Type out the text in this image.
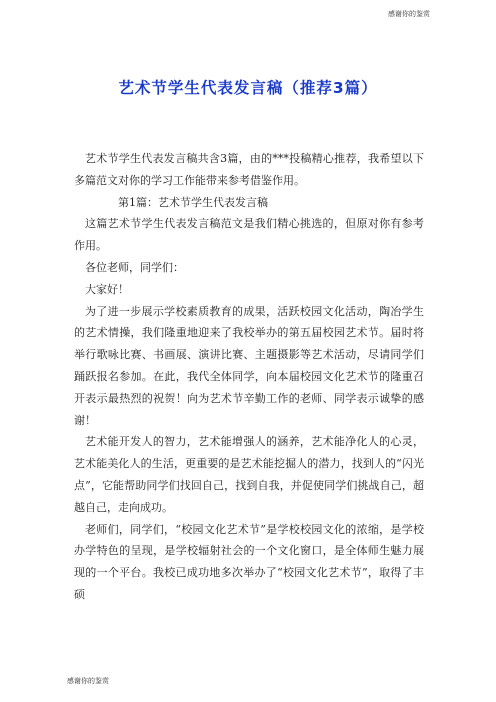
感谢你的鉴赏
艺术节学生代表发言稿（推荐3篇）

艺术节学生代表发言稿共含3篇，由的***投稿精心推荐，我希望以下多篇范文对你的学习工作能带来参考借鉴作用。

第1篇：艺术节学生代表发言稿

这篇艺术节学生代表发言稿范文是我们精心挑选的，但原对你有参考作用。

各位老师，同学们：

大家好！

为了进一步展示学校素质教育的成果，活跃校园文化活动，陶冶学生的艺术情操，我们隆重地迎来了我校举办的第五届校园艺术节。届时将举行歌咏比赛、书画展、演讲比赛、主题摄影等艺术活动，尽请同学们踊跃报名参加。在此，我代全体同学，向本届校园文化艺术节的隆重召开表示最热烈的祝贺！向为艺术节辛勤工作的老师、同学表示诚挚的感谢！

艺术能开发人的智力，艺术能增强人的涵养，艺术能净化人的心灵，艺术能美化人的生活，更重要的是艺术能挖掘人的潜力，找到人的“闪光点”，它能帮助同学们找回自己，找到自我，并促使同学们挑战自己，超越自己，走向成功。

老师们，同学们，“校园文化艺术节”是学校校园文化的浓缩，是学校办学特色的呈现，是学校辐射社会的一个文化窗口，是全体师生魅力展现的一个平台。我校已成功地多次举办了“校园文化艺术节”，取得了丰硕

感谢你的鉴赏
